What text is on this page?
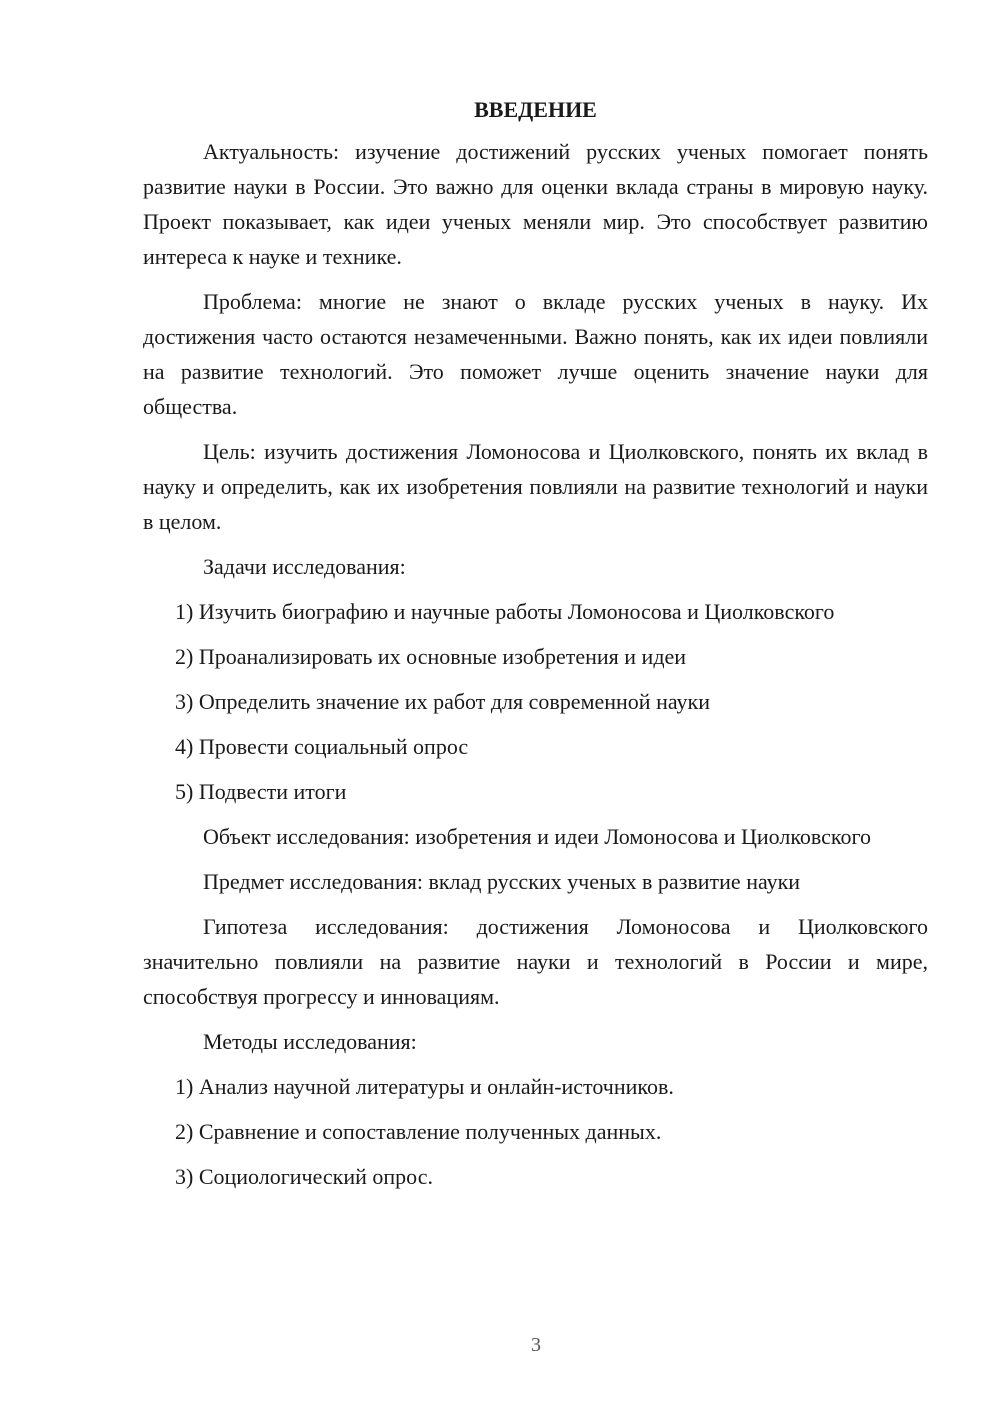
ВВЕДЕНИЕ
Актуальность: изучение достижений русских ученых помогает понять развитие науки в России. Это важно для оценки вклада страны в мировую науку. Проект показывает, как идеи ученых меняли мир. Это способствует развитию интереса к науке и технике.
Проблема: многие не знают о вкладе русских ученых в науку. Их достижения часто остаются незамеченными. Важно понять, как их идеи повлияли на развитие технологий. Это поможет лучше оценить значение науки для общества.
Цель: изучить достижения Ломоносова и Циолковского, понять их вклад в науку и определить, как их изобретения повлияли на развитие технологий и науки в целом.
Задачи исследования:
1) Изучить биографию и научные работы Ломоносова и Циолковского
2) Проанализировать их основные изобретения и идеи
3) Определить значение их работ для современной науки
4) Провести социальный опрос
5) Подвести итоги
Объект исследования: изобретения и идеи Ломоносова и Циолковского
Предмет исследования: вклад русских ученых в развитие науки
Гипотеза исследования: достижения Ломоносова и Циолковского значительно повлияли на развитие науки и технологий в России и мире, способствуя прогрессу и инновациям.
Методы исследования:
1) Анализ научной литературы и онлайн-источников.
2) Сравнение и сопоставление полученных данных.
3) Социологический опрос.
3
